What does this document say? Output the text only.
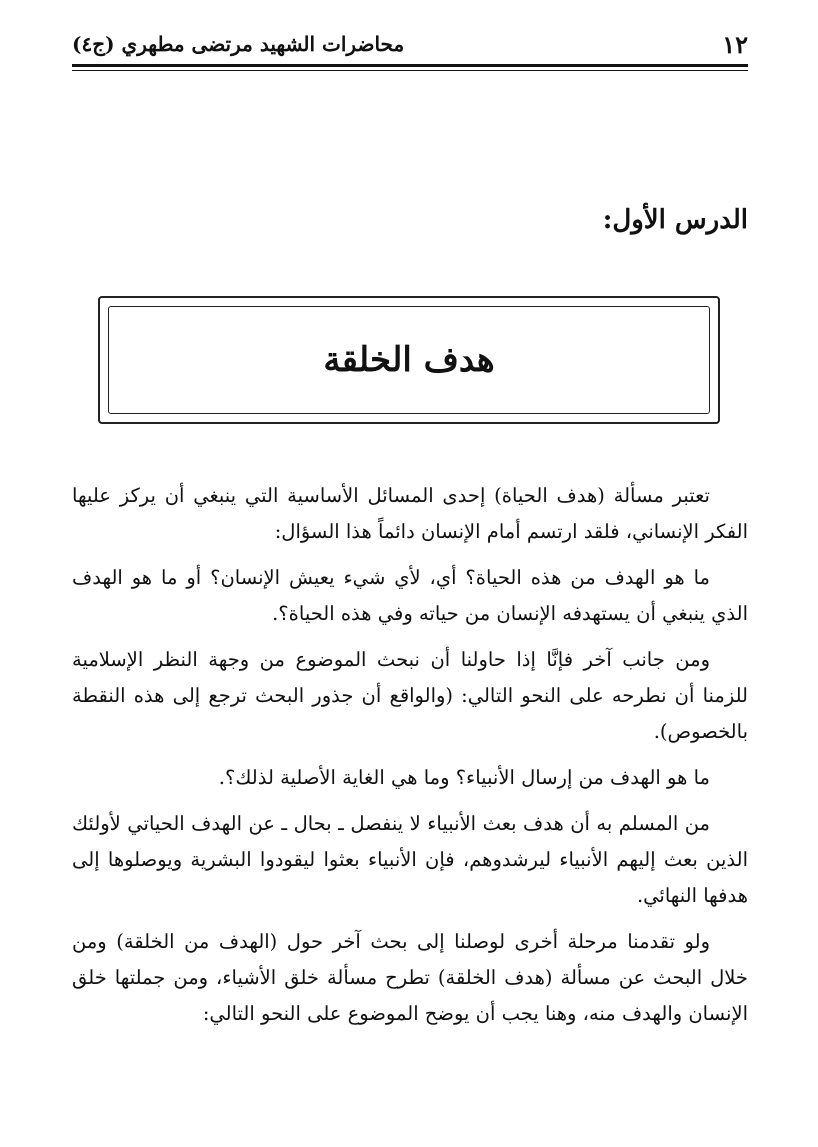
١٢
محاضرات الشهيد مرتضى مطهري (ج٤)
الدرس الأول:
هدف الخلقة

تعتبر مسألة (هدف الحياة) إحدى المسائل الأساسية التي ينبغي أن يركز عليها الفكر الإنساني، فلقد ارتسم أمام الإنسان دائماً هذا السؤال:

ما هو الهدف من هذه الحياة؟ أي، لأي شيء يعيش الإنسان؟ أو ما هو الهدف الذي ينبغي أن يستهدفه الإنسان من حياته وفي هذه الحياة؟.

ومن جانب آخر فإنَّا إذا حاولنا أن نبحث الموضوع من وجهة النظر الإسلامية للزمنا أن نطرحه على النحو التالي: (والواقع أن جذور البحث ترجع إلى هذه النقطة بالخصوص).

ما هو الهدف من إرسال الأنبياء؟ وما هي الغاية الأصلية لذلك؟.

من المسلم به أن هدف بعث الأنبياء لا ينفصل ـ بحال ـ عن الهدف الحياتي لأولئك الذين بعث إليهم الأنبياء ليرشدوهم، فإن الأنبياء بعثوا ليقودوا البشرية ويوصلوها إلى هدفها النهائي.

ولو تقدمنا مرحلة أخرى لوصلنا إلى بحث آخر حول (الهدف من الخلقة) ومن خلال البحث عن مسألة (هدف الخلقة) تطرح مسألة خلق الأشياء، ومن جملتها خلق الإنسان والهدف منه، وهنا يجب أن يوضح الموضوع على النحو التالي:
